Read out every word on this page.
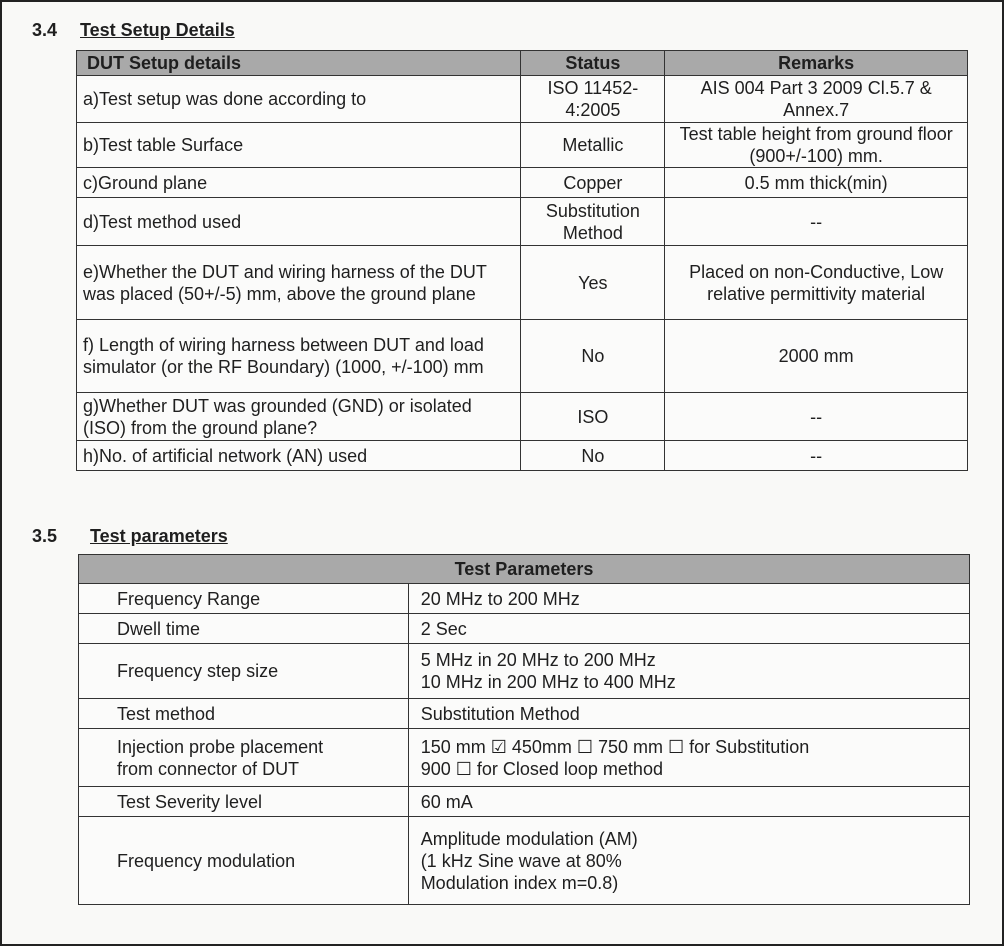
3.4 Test Setup Details
DUT Setup details	Status	Remarks
a)Test setup was done according to	ISO 11452-4:2005	AIS 004 Part 3 2009 Cl.5.7 & Annex.7
b)Test table Surface	Metallic	Test table height from ground floor (900+/-100) mm.
c)Ground plane	Copper	0.5 mm thick(min)
d)Test method used	Substitution Method	--
e)Whether the DUT and wiring harness of the DUT was placed (50+/-5) mm, above the ground plane	Yes	Placed on non-Conductive, Low relative permittivity material
f) Length of wiring harness between DUT and load simulator (or the RF Boundary) (1000, +/-100) mm	No	2000 mm
g)Whether DUT was grounded (GND) or isolated (ISO) from the ground plane?	ISO	--
h)No. of artificial network (AN) used	No	--
3.5 Test parameters
Test Parameters	
Frequency Range	20 MHz to 200 MHz
Dwell time	2 Sec
Frequency step size	5 MHz in 20 MHz to 200 MHz
10 MHz in 200 MHz to 400 MHz

Test method	Substitution Method

Injection probe placement
from connector of DUT	150 mm ☑ 450mm ☐ 750 mm ☐ for Substitution
900 ☐ for Closed loop method

Test Severity level	60 mA
Frequency modulation	Amplitude modulation (AM)
(1 kHz Sine wave at 80%
Modulation index m=0.8)
